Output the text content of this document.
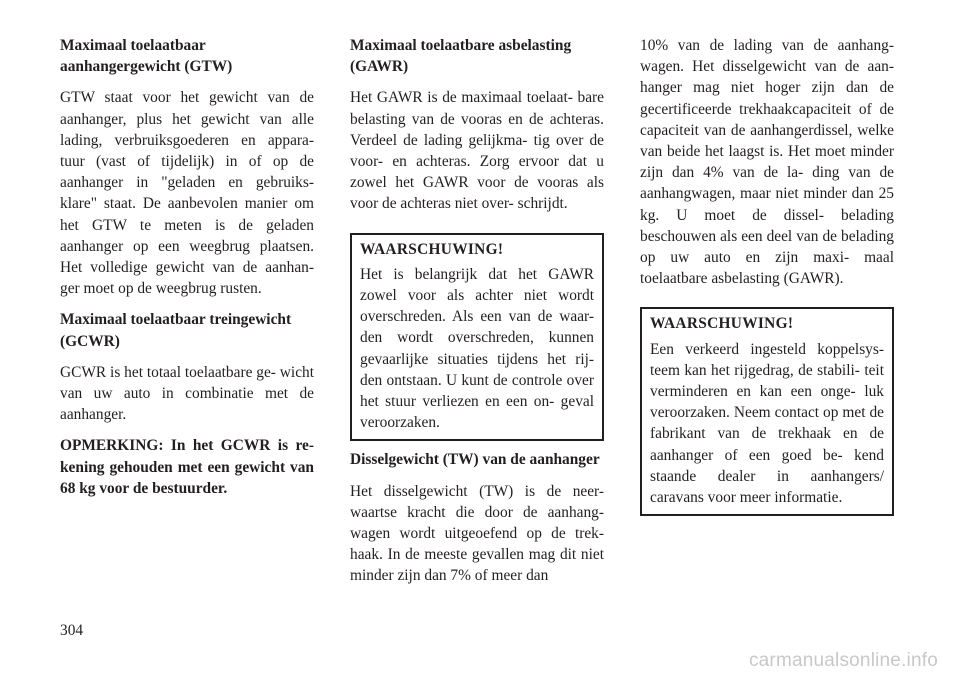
Maximaal toelaatbaar aanhangergewicht (GTW)

GTW staat voor het gewicht van de aanhanger, plus het gewicht van alle lading, verbruiksgoederen en appara- tuur (vast of tijdelijk) in of op de aanhanger in "geladen en gebruiks- klare" staat. De aanbevolen manier om het GTW te meten is de geladen aanhanger op een weegbrug plaatsen. Het volledige gewicht van de aanhan- ger moet op de weegbrug rusten.

Maximaal toelaatbaar treingewicht (GCWR)

GCWR is het totaal toelaatbare ge- wicht van uw auto in combinatie met de aanhanger.

OPMERKING: In het GCWR is re- kening gehouden met een gewicht van 68 kg voor de bestuurder.

Maximaal toelaatbare asbelasting (GAWR)

Het GAWR is de maximaal toelaat- bare belasting van de vooras en de achteras. Verdeel de lading gelijkma- tig over de voor- en achteras. Zorg ervoor dat u zowel het GAWR voor de vooras als voor de achteras niet over- schrijdt.

WAARSCHUWING!

Het is belangrijk dat het GAWR zowel voor als achter niet wordt overschreden. Als een van de waar- den wordt overschreden, kunnen gevaarlijke situaties tijdens het rij- den ontstaan. U kunt de controle over het stuur verliezen en een on- geval veroorzaken.

Disselgewicht (TW) van de aanhanger

Het disselgewicht (TW) is de neer- waartse kracht die door de aanhang- wagen wordt uitgeoefend op de trek- haak. In de meeste gevallen mag dit niet minder zijn dan 7% of meer dan

10% van de lading van de aanhang- wagen. Het disselgewicht van de aan- hanger mag niet hoger zijn dan de gecertificeerde trekhaakcapaciteit of de capaciteit van de aanhangerdissel, welke van beide het laagst is. Het moet minder zijn dan 4% van de la- ding van de aanhangwagen, maar niet minder dan 25 kg. U moet de dissel- belading beschouwen als een deel van de belading op uw auto en zijn maxi- maal toelaatbare asbelasting (GAWR).

WAARSCHUWING!

Een verkeerd ingesteld koppelsys- teem kan het rijgedrag, de stabili- teit verminderen en kan een onge- luk veroorzaken. Neem contact op met de fabrikant van de trekhaak en de aanhanger of een goed be- kend staande dealer in aanhangers/ caravans voor meer informatie.

304
carmanualsonline.info
